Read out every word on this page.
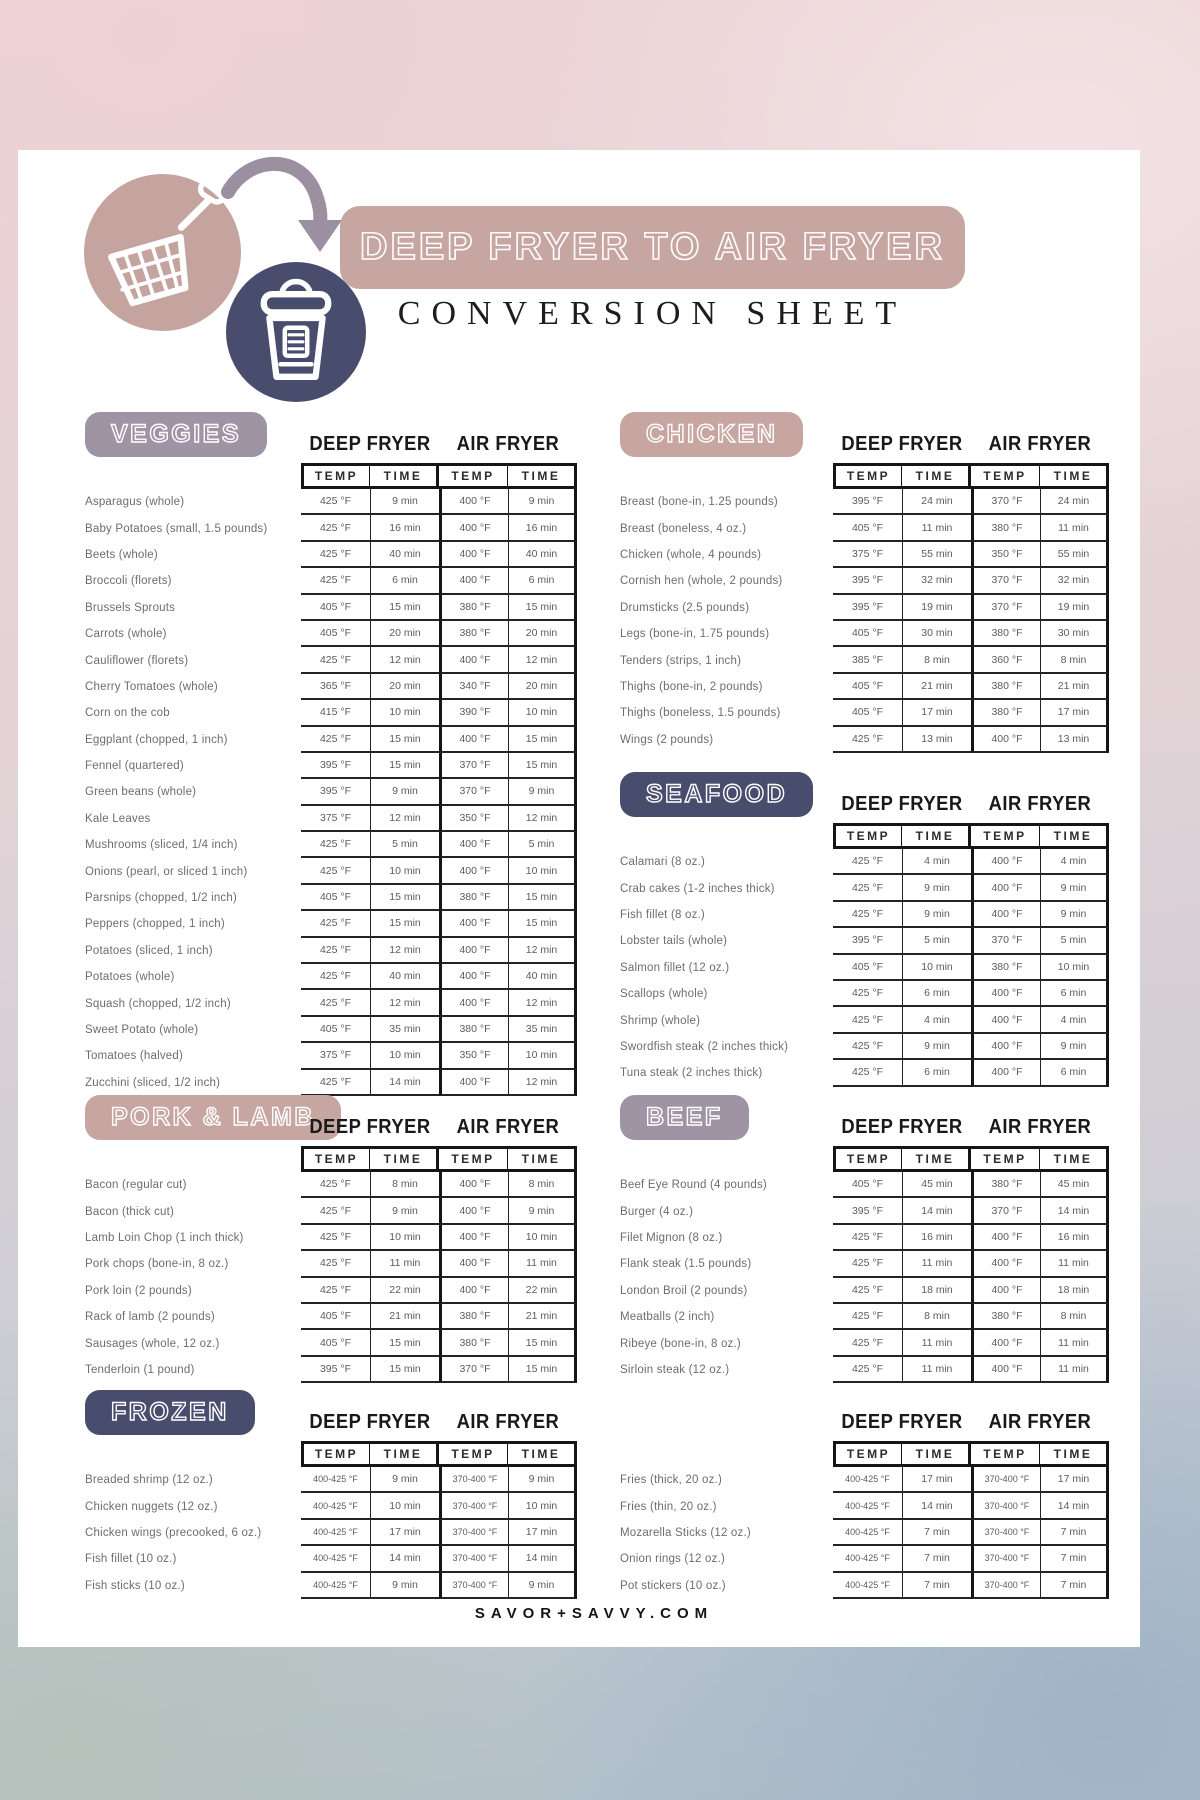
DEEP FRYER TO AIR FRYER
CONVERSION SHEET
VEGGIES	DEEP FRYER	AIR FRYER
TEMP	TIME	TEMP	TIME
Asparagus (whole)	425 °F	9 min	400 °F	9 min
Baby Potatoes (small, 1.5 pounds)	425 °F	16 min	400 °F	16 min
Beets (whole)	425 °F	40 min	400 °F	40 min
Broccoli (florets)	425 °F	6 min	400 °F	6 min
Brussels Sprouts	405 °F	15 min	380 °F	15 min
Carrots (whole)	405 °F	20 min	380 °F	20 min
Cauliflower (florets)	425 °F	12 min	400 °F	12 min
Cherry Tomatoes (whole)	365 °F	20 min	340 °F	20 min
Corn on the cob	415 °F	10 min	390 °F	10 min
Eggplant (chopped, 1 inch)	425 °F	15 min	400 °F	15 min
Fennel (quartered)	395 °F	15 min	370 °F	15 min
Green beans (whole)	395 °F	9 min	370 °F	9 min
Kale Leaves	375 °F	12 min	350 °F	12 min
Mushrooms (sliced, 1/4 inch)	425 °F	5 min	400 °F	5 min
Onions (pearl, or sliced 1 inch)	425 °F	10 min	400 °F	10 min
Parsnips (chopped, 1/2 inch)	405 °F	15 min	380 °F	15 min
Peppers (chopped, 1 inch)	425 °F	15 min	400 °F	15 min
Potatoes (sliced, 1 inch)	425 °F	12 min	400 °F	12 min
Potatoes (whole)	425 °F	40 min	400 °F	40 min
Squash (chopped, 1/2 inch)	425 °F	12 min	400 °F	12 min
Sweet Potato (whole)	405 °F	35 min	380 °F	35 min
Tomatoes (halved)	375 °F	10 min	350 °F	10 min
Zucchini (sliced, 1/2 inch)	425 °F	14 min	400 °F	12 min
CHICKEN	DEEP FRYER	AIR FRYER
TEMP	TIME	TEMP	TIME
Breast (bone-in, 1.25 pounds)	395 °F	24 min	370 °F	24 min
Breast (boneless, 4 oz.)	405 °F	11 min	380 °F	11 min
Chicken (whole, 4 pounds)	375 °F	55 min	350 °F	55 min
Cornish hen (whole, 2 pounds)	395 °F	32 min	370 °F	32 min
Drumsticks (2.5 pounds)	395 °F	19 min	370 °F	19 min
Legs (bone-in, 1.75 pounds)	405 °F	30 min	380 °F	30 min
Tenders (strips, 1 inch)	385 °F	8 min	360 °F	8 min
Thighs (bone-in, 2 pounds)	405 °F	21 min	380 °F	21 min
Thighs (boneless, 1.5 pounds)	405 °F	17 min	380 °F	17 min
Wings (2 pounds)	425 °F	13 min	400 °F	13 min
SEAFOOD	DEEP FRYER	AIR FRYER
TEMP	TIME	TEMP	TIME
Calamari (8 oz.)	425 °F	4 min	400 °F	4 min
Crab cakes (1-2 inches thick)	425 °F	9 min	400 °F	9 min
Fish fillet (8 oz.)	425 °F	9 min	400 °F	9 min
Lobster tails (whole)	395 °F	5 min	370 °F	5 min
Salmon fillet (12 oz.)	405 °F	10 min	380 °F	10 min
Scallops (whole)	425 °F	6 min	400 °F	6 min
Shrimp (whole)	425 °F	4 min	400 °F	4 min
Swordfish steak (2 inches thick)	425 °F	9 min	400 °F	9 min
Tuna steak (2 inches thick)	425 °F	6 min	400 °F	6 min
PORK & LAMB
DEEP FRYER	AIR FRYER
TEMP	TIME	TEMP	TIME
Bacon (regular cut)	425 °F	8 min	400 °F	8 min
Bacon (thick cut)	425 °F	9 min	400 °F	9 min
Lamb Loin Chop (1 inch thick)	425 °F	10 min	400 °F	10 min
Pork chops (bone-in, 8 oz.)	425 °F	11 min	400 °F	11 min
Pork loin (2 pounds)	425 °F	22 min	400 °F	22 min
Rack of lamb (2 pounds)	405 °F	21 min	380 °F	21 min
Sausages (whole, 12 oz.)	405 °F	15 min	380 °F	15 min
Tenderloin (1 pound)	395 °F	15 min	370 °F	15 min
BEEF	DEEP FRYER	AIR FRYER
TEMP	TIME	TEMP	TIME
Beef Eye Round (4 pounds)	405 °F	45 min	380 °F	45 min
Burger (4 oz.)	395 °F	14 min	370 °F	14 min
Filet Mignon (8 oz.)	425 °F	16 min	400 °F	16 min
Flank steak (1.5 pounds)	425 °F	11 min	400 °F	11 min
London Broil (2 pounds)	425 °F	18 min	400 °F	18 min
Meatballs (2 inch)	425 °F	8 min	380 °F	8 min
Ribeye (bone-in, 8 oz.)	425 °F	11 min	400 °F	11 min
Sirloin steak (12 oz.)	425 °F	11 min	400 °F	11 min
FROZEN	DEEP FRYER	AIR FRYER
TEMP	TIME	TEMP	TIME
Breaded shrimp (12 oz.)	400-425 °F	9 min	370-400 °F	9 min
Chicken nuggets (12 oz.)	400-425 °F	10 min	370-400 °F	10 min
Chicken wings (precooked, 6 oz.)	400-425 °F	17 min	370-400 °F	17 min
Fish fillet (10 oz.)	400-425 °F	14 min	370-400 °F	14 min
Fish sticks (10 oz.)	400-425 °F	9 min	370-400 °F	9 min
DEEP FRYER	AIR FRYER
TEMP	TIME	TEMP	TIME
Fries (thick, 20 oz.)	400-425 °F	17 min	370-400 °F	17 min
Fries (thin, 20 oz.)	400-425 °F	14 min	370-400 °F	14 min
Mozarella Sticks (12 oz.)	400-425 °F	7 min	370-400 °F	7 min
Onion rings (12 oz.)	400-425 °F	7 min	370-400 °F	7 min
Pot stickers (10 oz.)	400-425 °F	7 min	370-400 °F	7 min
SAVOR+SAVVY.COM
